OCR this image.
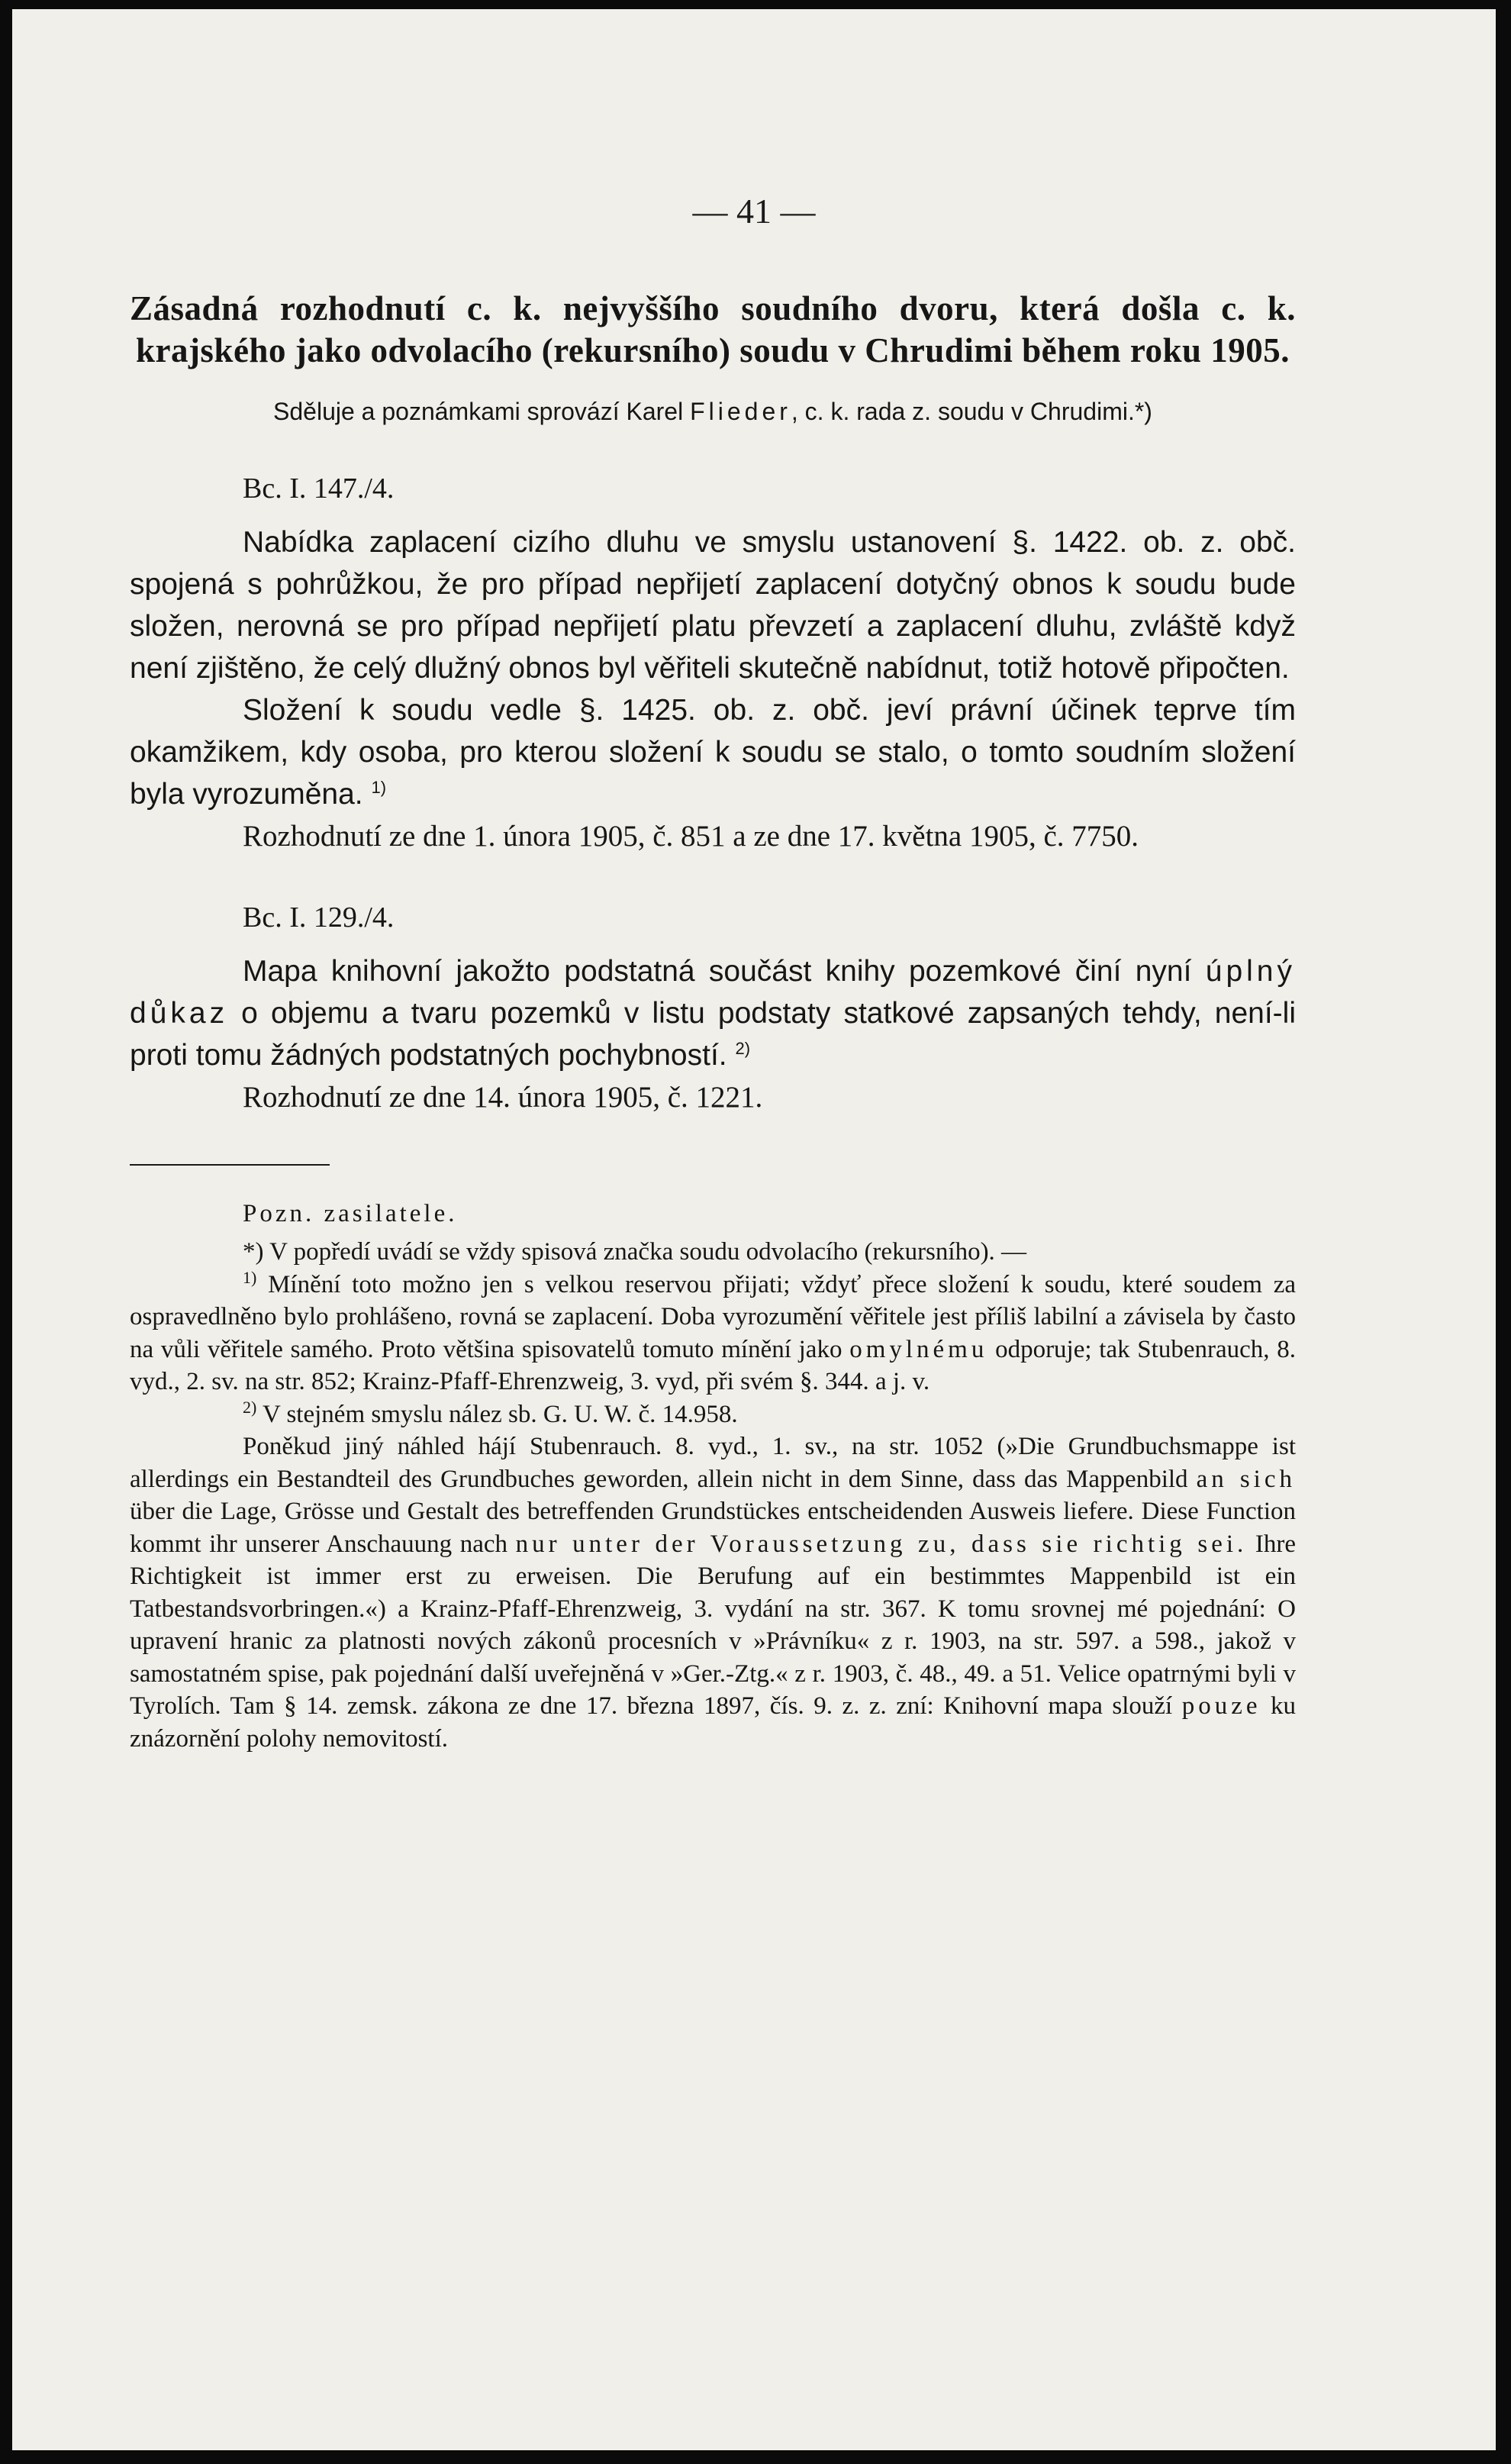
— 41 —

Zásadná rozhodnutí c. k. nejvyššího soudního dvoru, která došla c. k. krajského jako odvolacího (rekursního) soudu v Chrudimi během roku 1905.

Sděluje a poznámkami sprovází Karel Flieder, c. k. rada z. soudu v Chrudimi.*)

Bc. I. 147./4.

Nabídka zaplacení cizího dluhu ve smyslu ustanovení §. 1422. ob. z. obč. spojená s pohrůžkou, že pro případ nepřijetí zaplacení dotyčný obnos k soudu bude složen, nerovná se pro případ nepřijetí platu převzetí a zaplacení dluhu, zvláště když není zjištěno, že celý dlužný obnos byl věřiteli skutečně nabídnut, totiž hotově připočten.

Složení k soudu vedle §. 1425. ob. z. obč. jeví právní účinek teprve tím okamžikem, kdy osoba, pro kterou složení k soudu se stalo, o tomto soudním složení byla vyrozuměna. $^{1)}$

Rozhodnutí ze dne 1. února 1905, č. 851 a ze dne 17. května 1905, č. 7750.

Bc. I. 129./4.

Mapa knihovní jakožto podstatná součást knihy pozemkové činí nyní úplný důkaz o objemu a tvaru pozemků v listu podstaty statkové zapsaných tehdy, není-li proti tomu žádných podstatných pochybností. $^{2)}$

Rozhodnutí ze dne 14. února 1905, č. 1221.

Pozn. zasilatele.

*) V popředí uvádí se vždy spisová značka soudu odvolacího (rekursního). —

$^{1)}$ Mínění toto možno jen s velkou reservou přijati; vždyť přece složení k soudu, které soudem za ospravedlněno bylo prohlášeno, rovná se zaplacení. Doba vyrozumění věřitele jest příliš labilní a závisela by často na vůli věřitele samého. Proto většina spisovatelů tomuto mínění jako omylnému odporuje; tak Stubenrauch, 8. vyd., 2. sv. na str. 852; Krainz-Pfaff-Ehrenzweig, 3. vyd, při svém §. 344. a j. v.

$^{2)}$ V stejném smyslu nález sb. G. U. W. č. 14.958.

Poněkud jiný náhled hájí Stubenrauch. 8. vyd., 1. sv., na str. 1052 (»Die Grundbuchsmappe ist allerdings ein Bestandteil des Grundbuches geworden, allein nicht in dem Sinne, dass das Mappenbild an sich über die Lage, Grösse und Gestalt des betreffenden Grundstückes entscheidenden Ausweis liefere. Diese Function kommt ihr unserer Anschauung nach nur unter der Voraussetzung zu, dass sie richtig sei. Ihre Richtigkeit ist immer erst zu erweisen. Die Berufung auf ein bestimmtes Mappenbild ist ein Tatbestandsvorbringen.«) a Krainz-Pfaff-Ehrenzweig, 3. vydání na str. 367. K tomu srovnej mé pojednání: O upravení hranic za platnosti nových zákonů procesních v »Právníku« z r. 1903, na str. 597. a 598., jakož v samostatném spise, pak pojednání další uveřejněná v »Ger.-Ztg.« z r. 1903, č. 48., 49. a 51. Velice opatrnými byli v Tyrolích. Tam § 14. zemsk. zákona ze dne 17. března 1897, čís. 9. z. z. zní: Knihovní mapa slouží pouze ku znázornění polohy nemovitostí.
